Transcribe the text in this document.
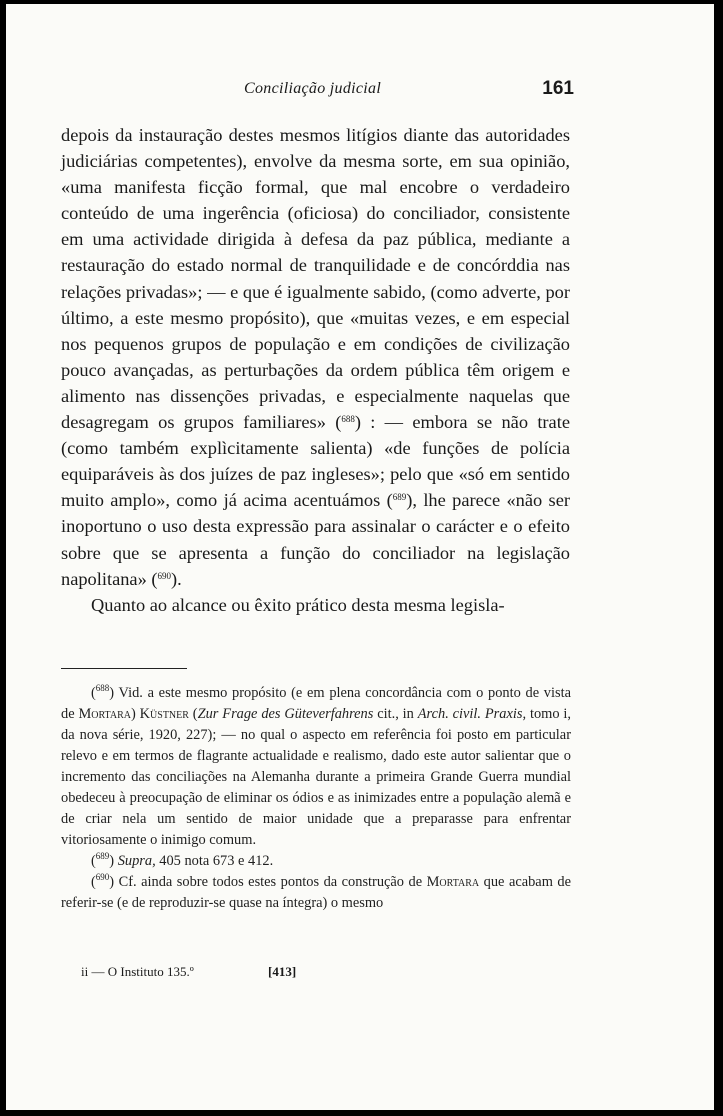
Conciliação judicial	161

depois da instauração destes mesmos litígios diante das autoridades judiciárias competentes), envolve da mesma sorte, em sua opinião, «uma manifesta ficção formal, que mal encobre o verdadeiro conteúdo de uma ingerência (oficiosa) do conciliador, consistente em uma actividade dirigida à defesa da paz pública, mediante a restauração do estado normal de tranquilidade e de concórddia nas relações privadas»; — e que é igualmente sabido, (como adverte, por último, a este mesmo propósito), que «muitas vezes, e em especial nos pequenos grupos de população e em condições de civilização pouco avançadas, as perturbações da ordem pública têm origem e alimento nas dissenções privadas, e especialmente naquelas que desagregam os grupos familiares» ($^{688}$) : — embora se não trate (como também explìcitamente salienta) «de funções de polícia equiparáveis às dos juízes de paz ingleses»; pelo que «só em sentido muito amplo», como já acima acentuámos ($^{689}$), lhe parece «não ser inoportuno o uso desta expressão para assinalar o carácter e o efeito sobre que se apresenta a função do conciliador na legislação napolitana» ($^{690}$).

Quanto ao alcance ou êxito prático desta mesma legisla-

($^{688}$) Vid. a este mesmo propósito (e em plena concordância com o ponto de vista de Mortara) Küstner (Zur Frage des Güteverfahrens cit., in Arch. civil. Praxis, tomo i, da nova série, 1920, 227); — no qual o aspecto em referência foi posto em particular relevo e em termos de flagrante actualidade e realismo, dado este autor salientar que o incremento das conciliações na Alemanha durante a primeira Grande Guerra mundial obedeceu à preocupação de eliminar os ódios e as inimizades entre a população alemã e de criar nela um sentido de maior unidade que a preparasse para enfrentar vitoriosamente o inimigo comum.

($^{689}$) Supra, 405 nota 673 e 412.

($^{690}$) Cf. ainda sobre todos estes pontos da construção de Mortara que acabam de referir-se (e de reproduzir-se quase na íntegra) o mesmo

ii — O Instituto 135.º	[413]
